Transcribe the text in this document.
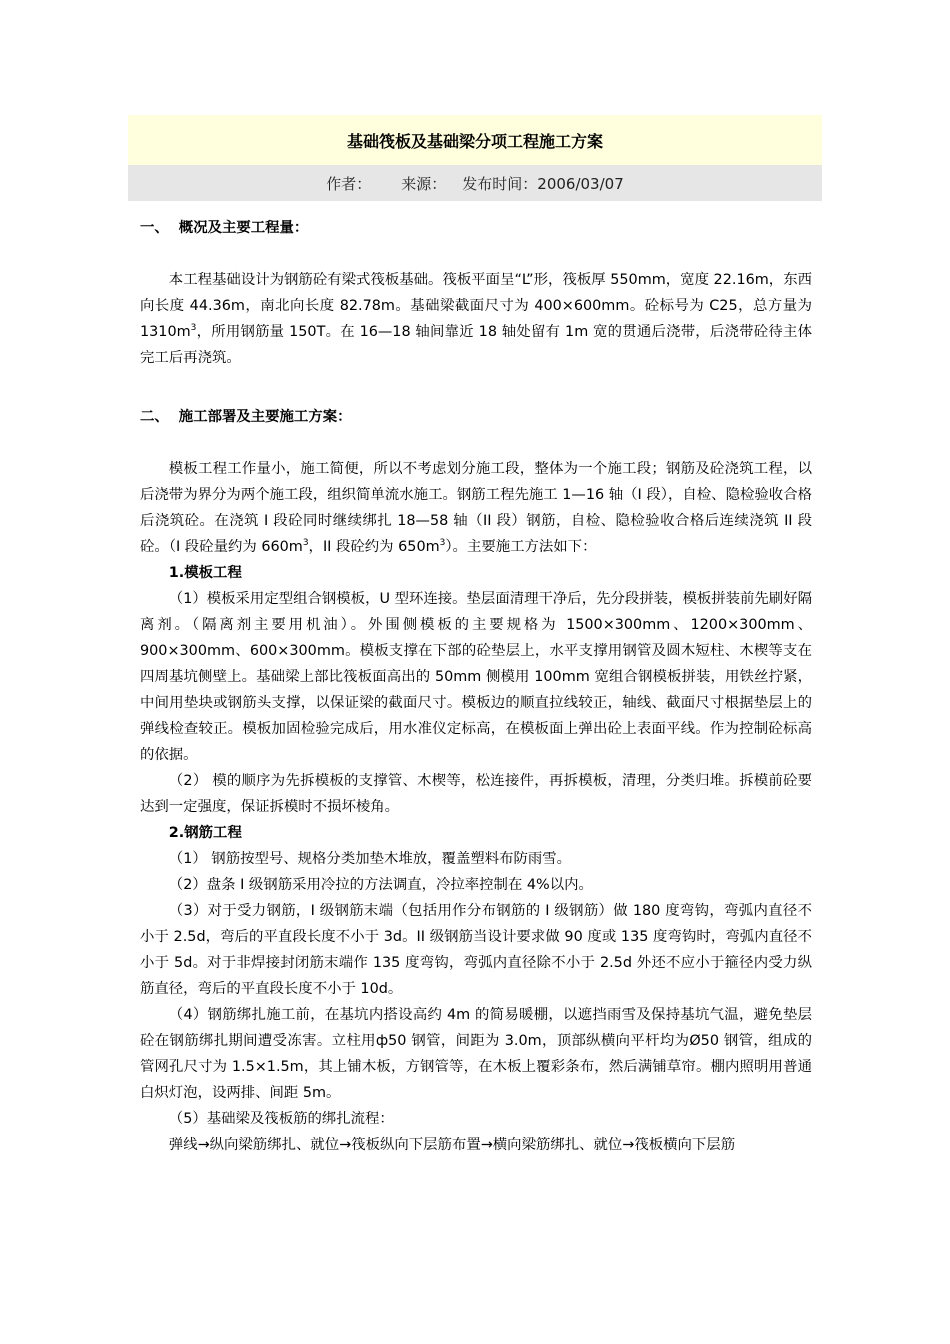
基础筏板及基础梁分项工程施工方案
作者： 来源： 发布时间：2006/03/07

一、  概况及主要工程量：

本工程基础设计为钢筋砼有梁式筏板基础。筏板平面呈“L”形，筏板厚 550mm，宽度 22.16m，东西向长度 44.36m，南北向长度 82.78m。基础梁截面尺寸为 400×600mm。砼标号为 C25，总方量为 $1310m^3$，所用钢筋量 150T。在 16—18 轴间靠近 18 轴处留有 1m 宽的贯通后浇带，后浇带砼待主体完工后再浇筑。

二、  施工部署及主要施工方案：

模板工程工作量小，施工简便，所以不考虑划分施工段，整体为一个施工段；钢筋及砼浇筑工程，以后浇带为界分为两个施工段，组织简单流水施工。钢筋工程先施工 1—16 轴（I 段），自检、隐检验收合格后浇筑砼。在浇筑 I 段砼同时继续绑扎 18—58 轴（II 段）钢筋，自检、隐检验收合格后连续浇筑 II 段砼。（I 段砼量约为 $660m^3$，II 段砼约为 $650m^3$）。主要施工方法如下：

1.模板工程

（1）模板采用定型组合钢模板，U 型环连接。垫层面清理干净后，先分段拼装，模板拼装前先刷好隔离剂。（隔离剂主要用机油）。外围侧模板的主要规格为 1500×300mm、1200×300mm、900×300mm、600×300mm。模板支撑在下部的砼垫层上，水平支撑用钢管及圆木短柱、木楔等支在四周基坑侧壁上。基础梁上部比筏板面高出的 50mm 侧模用 100mm 宽组合钢模板拼装，用铁丝拧紧，中间用垫块或钢筋头支撑，以保证梁的截面尺寸。模板边的顺直拉线较正，轴线、截面尺寸根据垫层上的弹线检查较正。模板加固检验完成后，用水准仪定标高，在模板面上弹出砼上表面平线。作为控制砼标高的依据。

（2） 模的顺序为先拆模板的支撑管、木楔等，松连接件，再拆模板，清理，分类归堆。拆模前砼要达到一定强度，保证拆模时不损坏棱角。

2.钢筋工程

（1） 钢筋按型号、规格分类加垫木堆放，覆盖塑料布防雨雪。

（2）盘条 I 级钢筋采用冷拉的方法调直，冷拉率控制在 4%以内。

（3）对于受力钢筋，I 级钢筋末端（包括用作分布钢筋的 I 级钢筋）做 180 度弯钩，弯弧内直径不小于 2.5d，弯后的平直段长度不小于 3d。II 级钢筋当设计要求做 90 度或 135 度弯钩时，弯弧内直径不小于 5d。对于非焊接封闭筋末端作 135 度弯钩，弯弧内直径除不小于 2.5d 外还不应小于箍径内受力纵筋直径，弯后的平直段长度不小于 10d。

（4）钢筋绑扎施工前，在基坑内搭设高约 4m 的简易暖棚，以遮挡雨雪及保持基坑气温，避免垫层砼在钢筋绑扎期间遭受冻害。立柱用ф50 钢管，间距为 3.0m，顶部纵横向平杆均为Ø50 钢管，组成的管网孔尺寸为 1.5×1.5m，其上铺木板，方钢管等，在木板上覆彩条布，然后满铺草帘。棚内照明用普通白炽灯泡，设两排、间距 5m。

（5）基础梁及筏板筋的绑扎流程：

弹线→纵向梁筋绑扎、就位→筏板纵向下层筋布置→横向梁筋绑扎、就位→筏板横向下层筋
